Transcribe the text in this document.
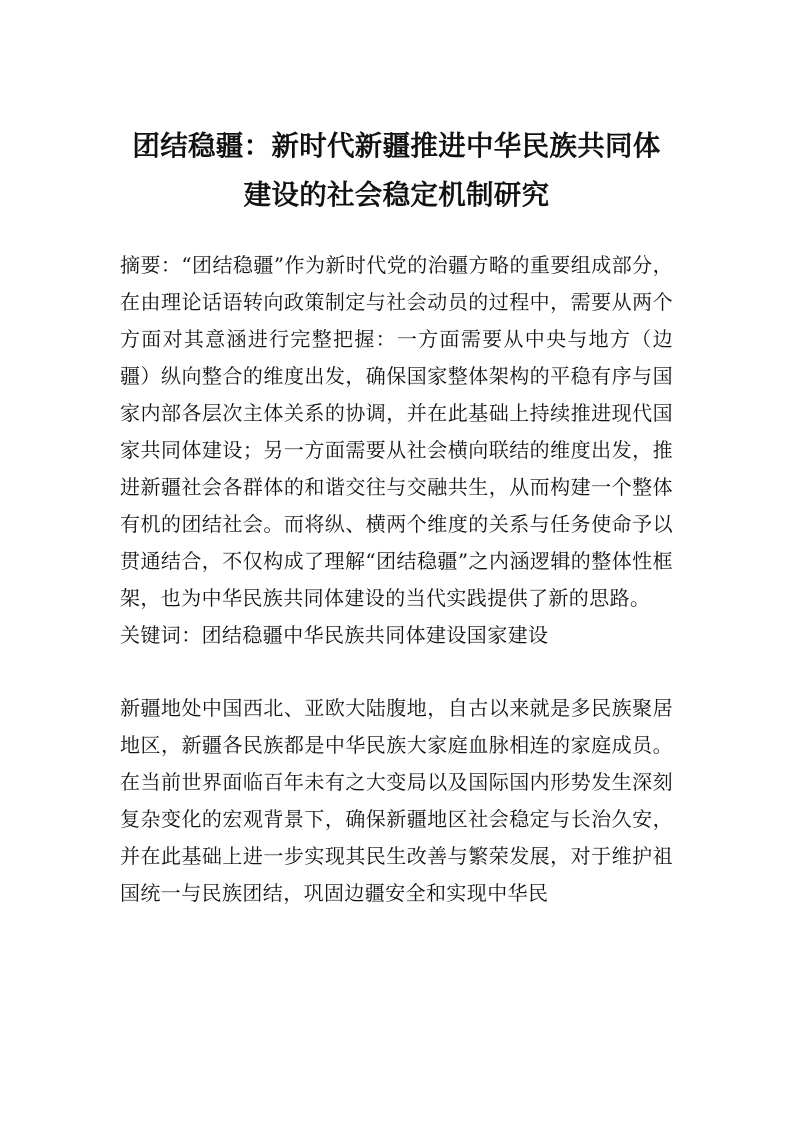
团结稳疆：新时代新疆推进中华民族共同体
建设的社会稳定机制研究

摘要：“团结稳疆”作为新时代党的治疆方略的重要组成部分，在由理论话语转向政策制定与社会动员的过程中，需要从两个方面对其意涵进行完整把握：一方面需要从中央与地方（边疆）纵向整合的维度出发，确保国家整体架构的平稳有序与国家内部各层次主体关系的协调，并在此基础上持续推进现代国家共同体建设；另一方面需要从社会横向联结的维度出发，推进新疆社会各群体的和谐交往与交融共生，从而构建一个整体有机的团结社会。而将纵、横两个维度的关系与任务使命予以贯通结合，不仅构成了理解“团结稳疆”之内涵逻辑的整体性框架，也为中华民族共同体建设的当代实践提供了新的思路。

关键词：团结稳疆中华民族共同体建设国家建设

新疆地处中国西北、亚欧大陆腹地，自古以来就是多民族聚居地区，新疆各民族都是中华民族大家庭血脉相连的家庭成员。在当前世界面临百年未有之大变局以及国际国内形势发生深刻复杂变化的宏观背景下，确保新疆地区社会稳定与长治久安，并在此基础上进一步实现其民生改善与繁荣发展，对于维护祖国统一与民族团结，巩固边疆安全和实现中华民
